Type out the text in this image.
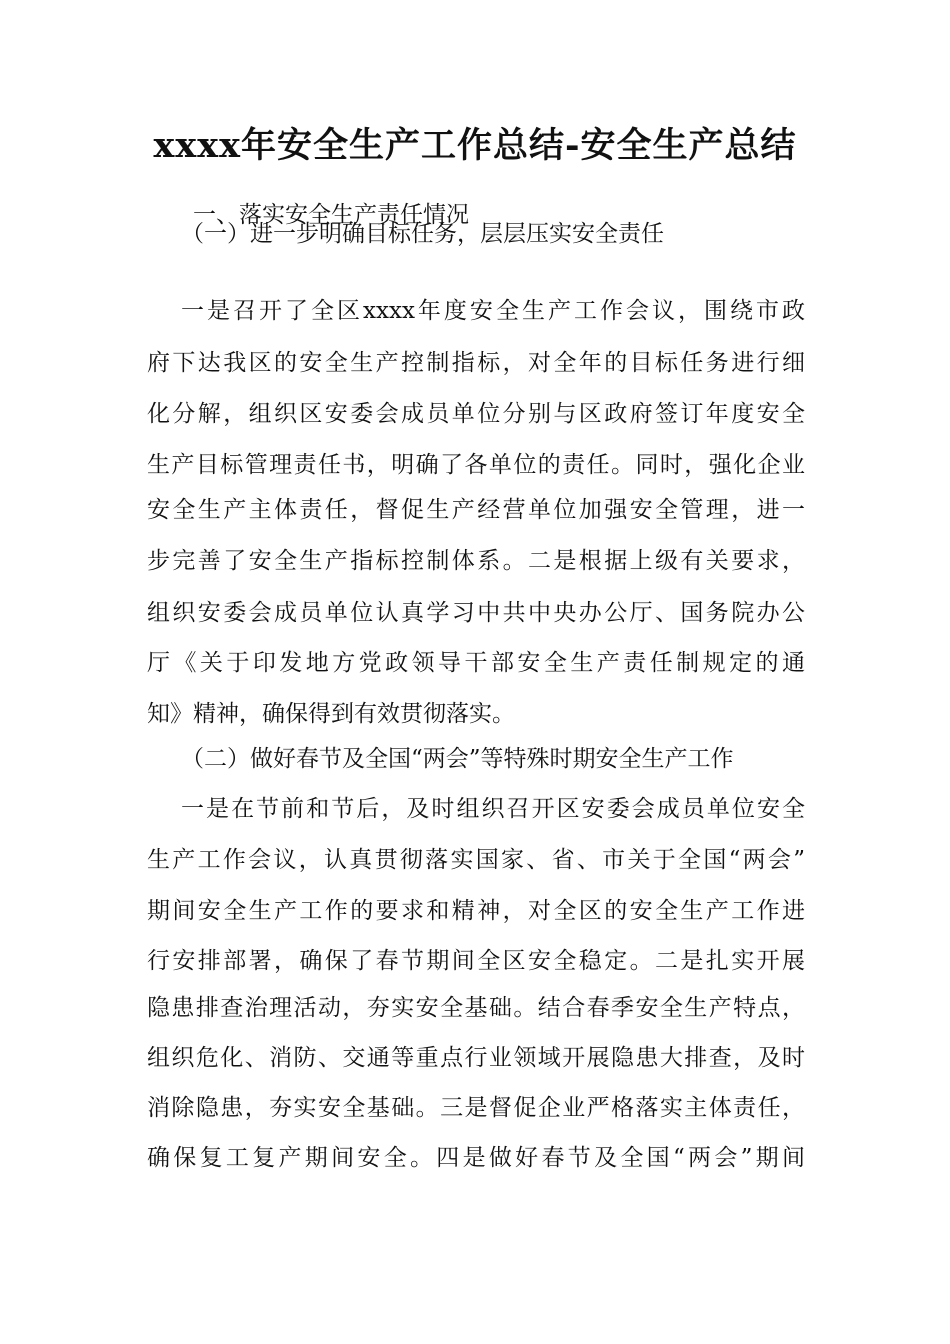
xxxx年安全生产工作总结-安全生产总结
一、落实安全生产责任情况
（一）进一步明确目标任务，层层压实安全责任
一是召开了全区xxxx年度安全生产工作会议，围绕市政
府下达我区的安全生产控制指标，对全年的目标任务进行细
化分解，组织区安委会成员单位分别与区政府签订年度安全
生产目标管理责任书，明确了各单位的责任。同时，强化企业
安全生产主体责任，督促生产经营单位加强安全管理，进一
步完善了安全生产指标控制体系。二是根据上级有关要求，
组织安委会成员单位认真学习中共中央办公厅、国务院办公
厅《关于印发地方党政领导干部安全生产责任制规定的通
知》精神，确保得到有效贯彻落实。
（二）做好春节及全国“两会”等特殊时期安全生产工作
一是在节前和节后，及时组织召开区安委会成员单位安全
生产工作会议，认真贯彻落实国家、省、市关于全国“两会”
期间安全生产工作的要求和精神，对全区的安全生产工作进
行安排部署，确保了春节期间全区安全稳定。二是扎实开展
隐患排查治理活动，夯实安全基础。结合春季安全生产特点，
组织危化、消防、交通等重点行业领域开展隐患大排查，及时
消除隐患，夯实安全基础。三是督促企业严格落实主体责任，
确保复工复产期间安全。四是做好春节及全国“两会”期间
